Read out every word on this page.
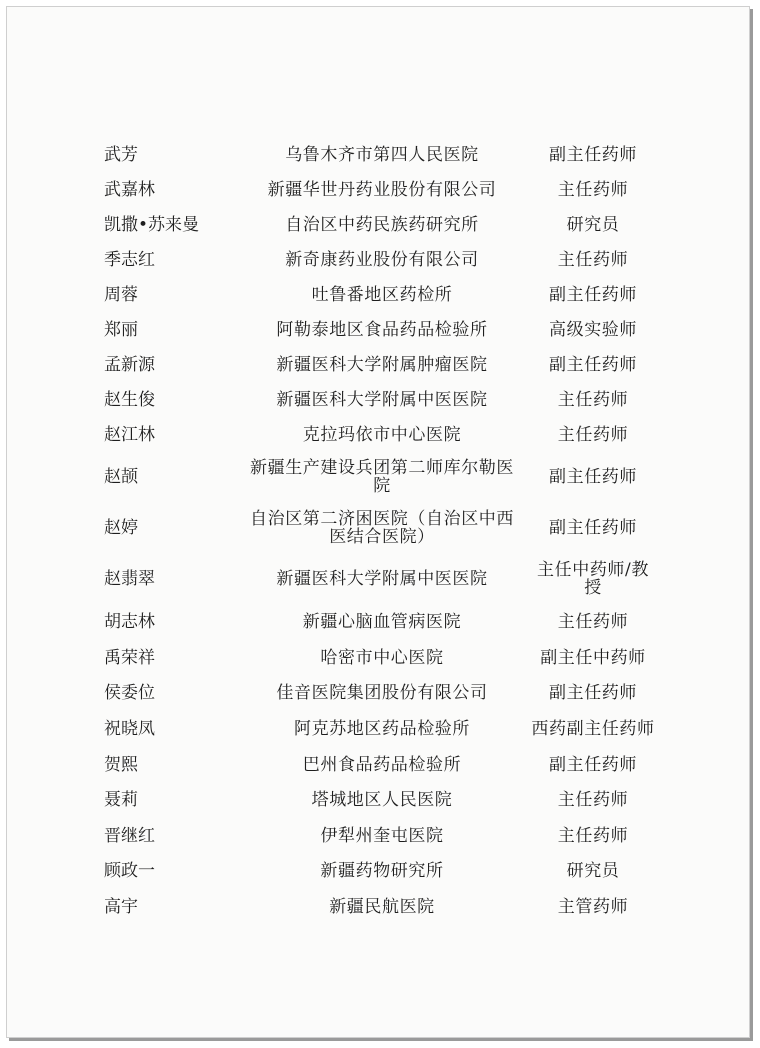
武芳	乌鲁木齐市第四人民医院	副主任药师
武嘉林	新疆华世丹药业股份有限公司	主任药师
凯撒•苏来曼	自治区中药民族药研究所	研究员
季志红	新奇康药业股份有限公司	主任药师
周蓉	吐鲁番地区药检所	副主任药师
郑丽	阿勒泰地区食品药品检验所	高级实验师
孟新源	新疆医科大学附属肿瘤医院	副主任药师
赵生俊	新疆医科大学附属中医医院	主任药师
赵江林	克拉玛依市中心医院	主任药师
赵颉	新疆生产建设兵团第二师库尔勒医院	副主任药师
赵婷	自治区第二济困医院（自治区中西医结合医院）	副主任药师
赵翡翠	新疆医科大学附属中医医院	主任中药师/教授
胡志林	新疆心脑血管病医院	主任药师
禹荣祥	哈密市中心医院	副主任中药师
侯委位	佳音医院集团股份有限公司	副主任药师
祝晓凤	阿克苏地区药品检验所	西药副主任药师
贺熙	巴州食品药品检验所	副主任药师
聂莉	塔城地区人民医院	主任药师
晋继红	伊犁州奎屯医院	主任药师
顾政一	新疆药物研究所	研究员
高宇	新疆民航医院	主管药师
